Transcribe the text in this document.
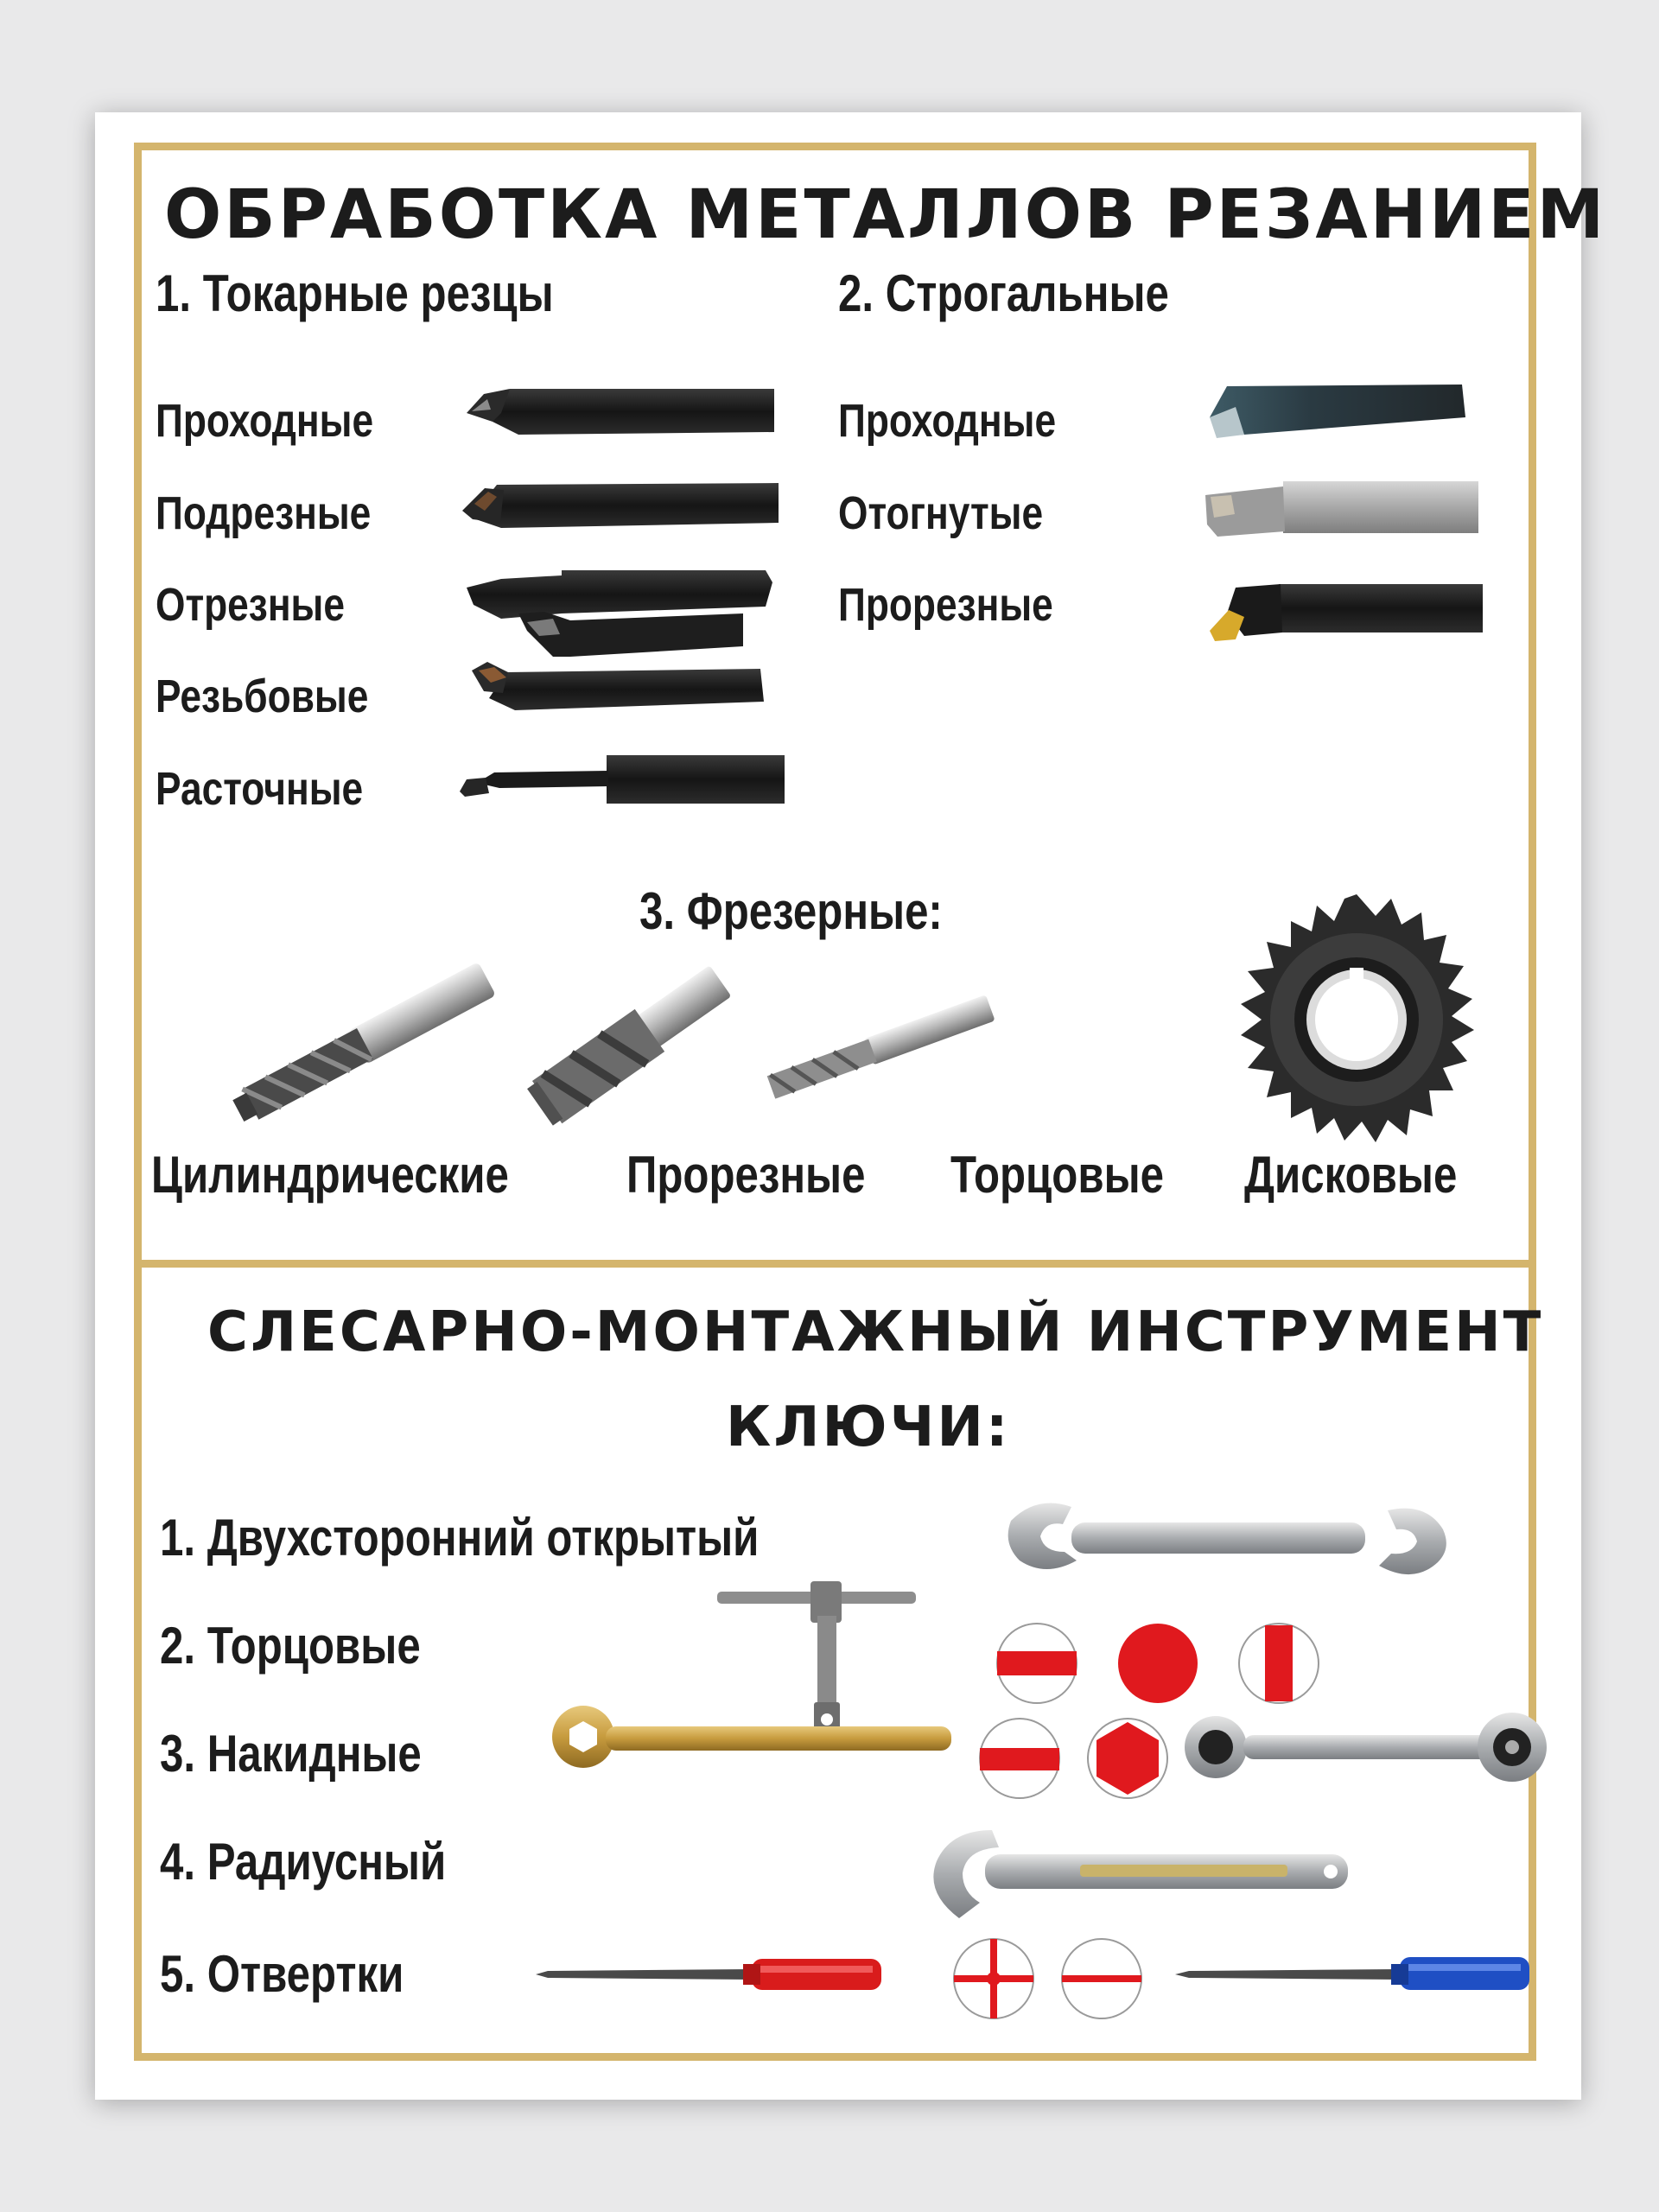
ОБРАБОТКА МЕТАЛЛОВ РЕЗАНИЕМ
1. Токарные резцы	2. Строгальные
Проходные
Подрезные
Отрезные
Резьбовые
Расточные
Проходные
Отогнутые
Прорезные
3. Фрезерные:
Цилиндрические Прорезные Торцовые Дисковые
СЛЕСАРНО-МОНТАЖНЫЙ ИНСТРУМЕНТ
КЛЮЧИ:
1. Двухсторонний открытый
2. Торцовые
3. Накидные
4. Радиусный
5. Отвертки
